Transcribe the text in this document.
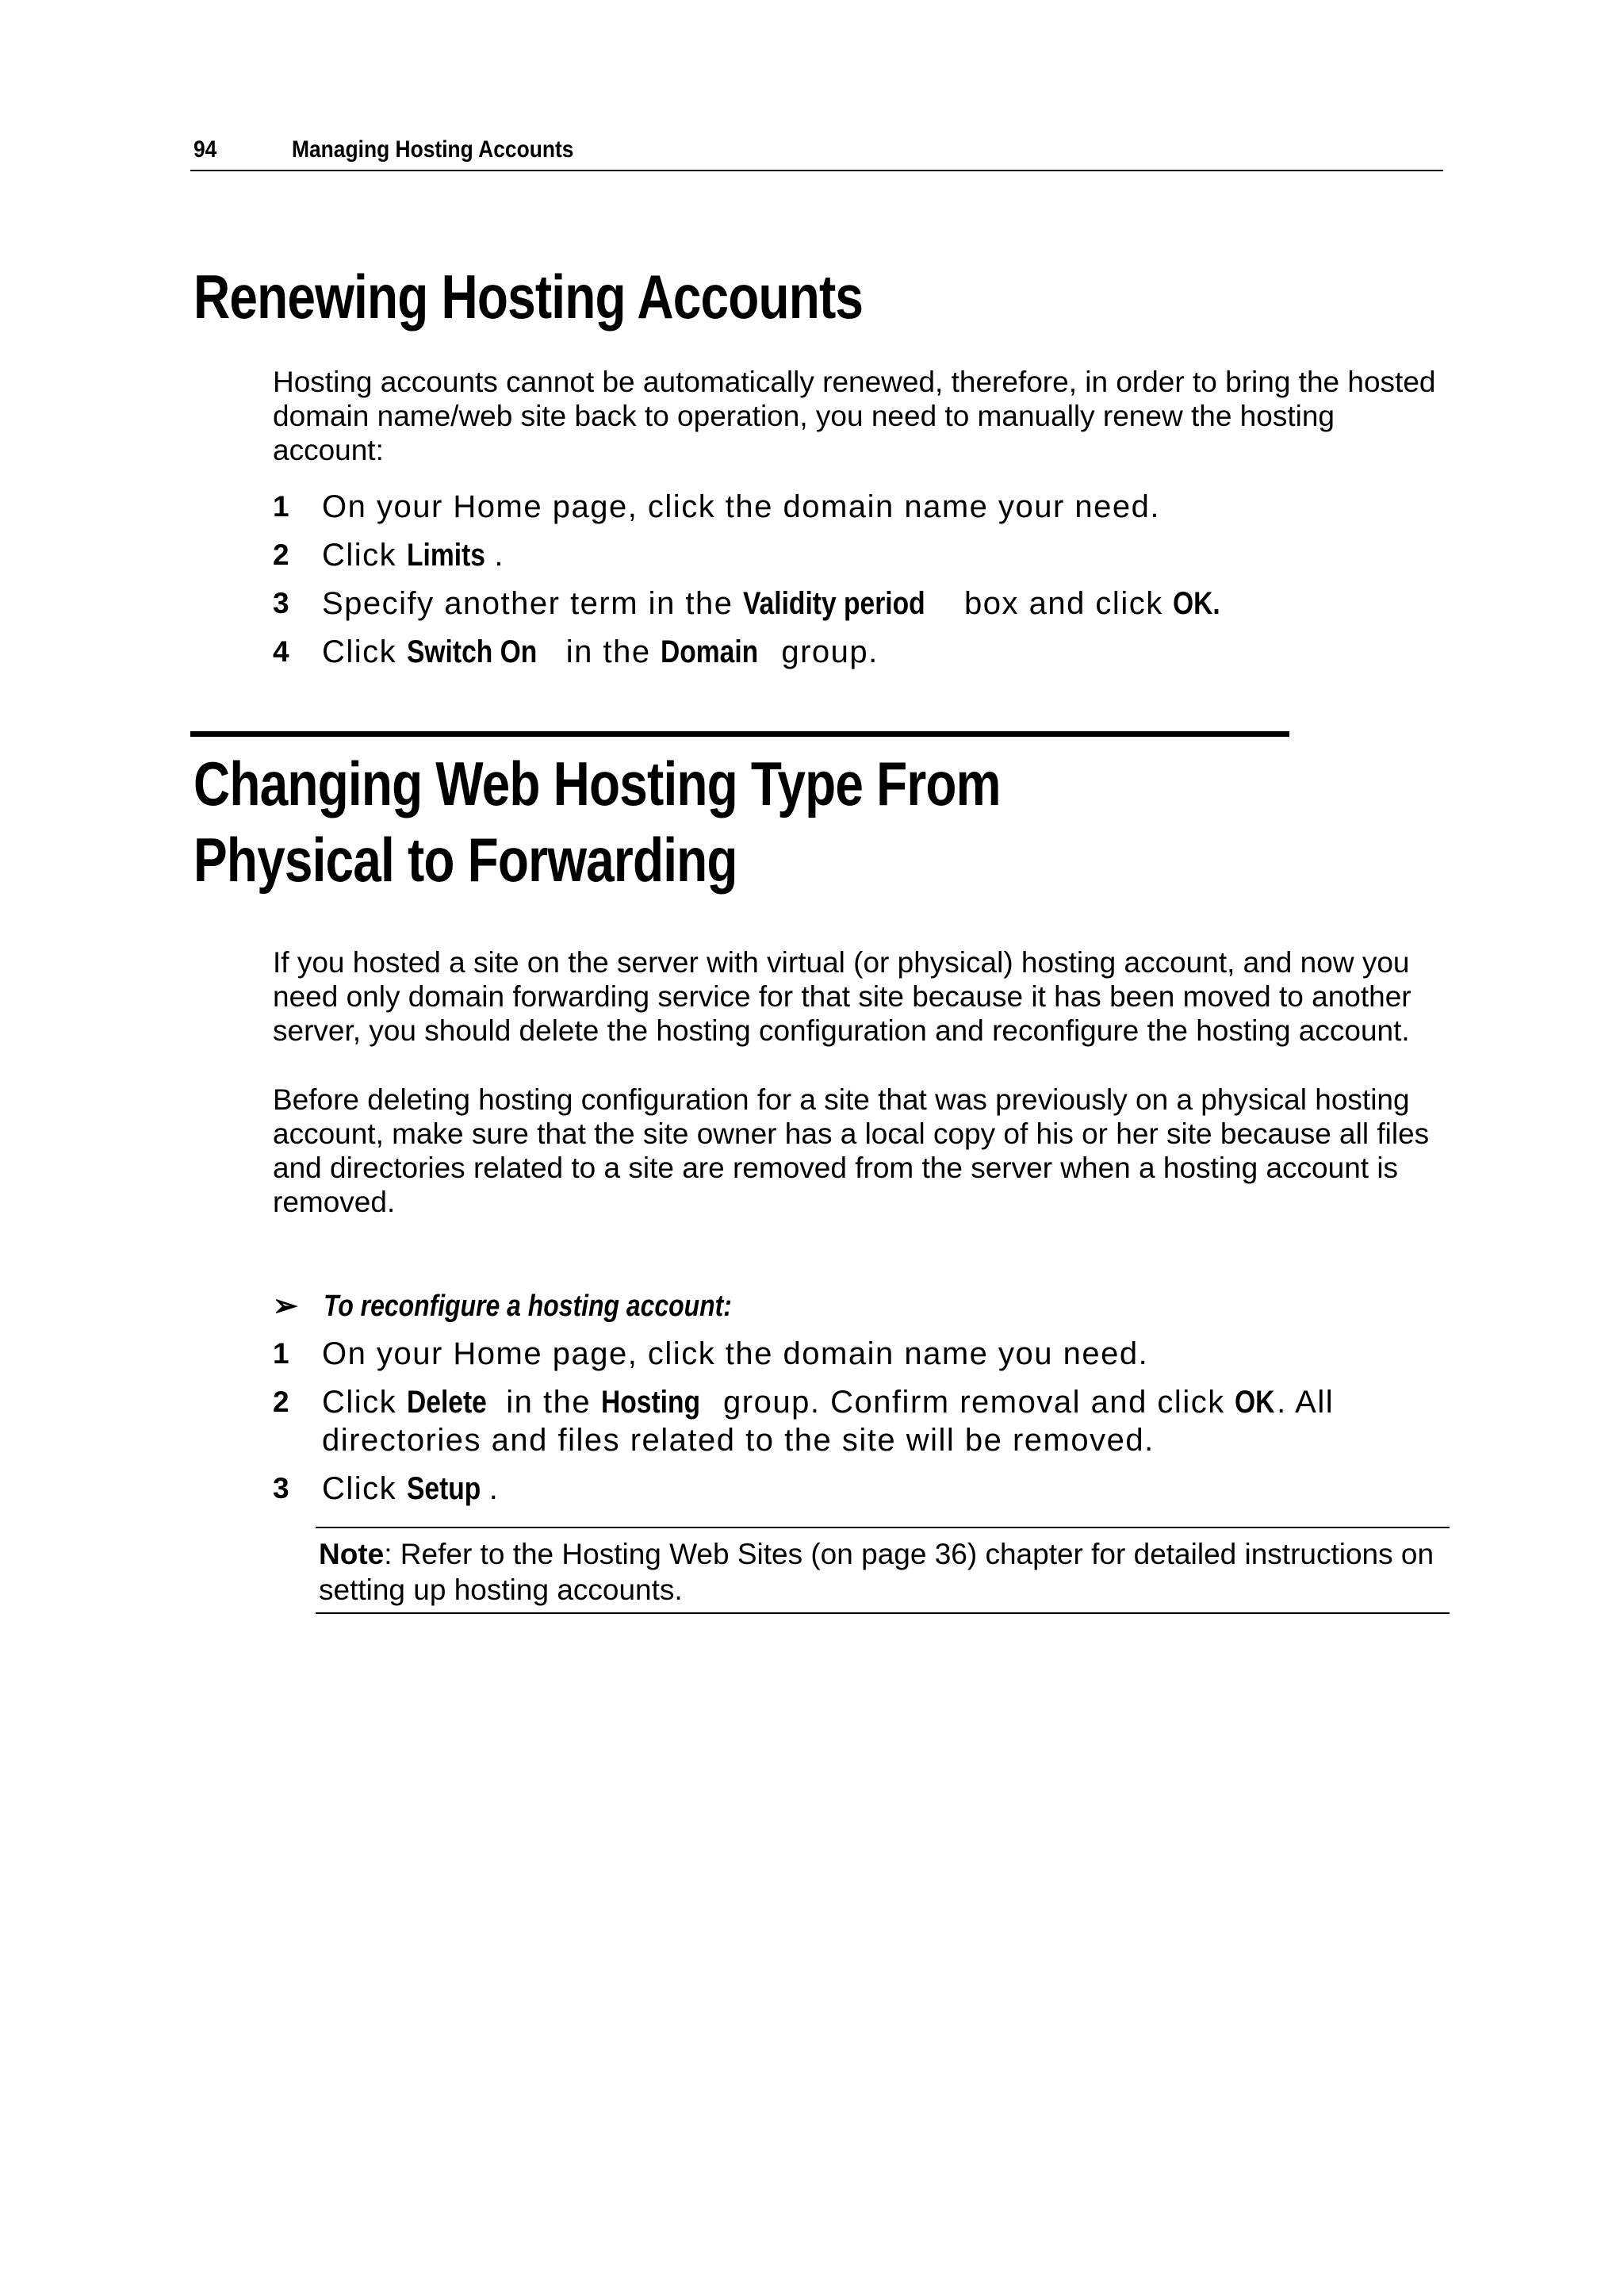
94	Managing Hosting Accounts
Renewing Hosting Accounts

Hosting accounts cannot be automatically renewed, therefore, in order to bring the hosted domain name/web site back to operation, you need to manually renew the hosting account:

1 On your Home page, click the domain name your need.
2 Click Limits .
3 Specify another term in the Validity period box and click OK.
4 Click Switch On in the Domain group.
Changing Web Hosting Type From
Physical to Forwarding

If you hosted a site on the server with virtual (or physical) hosting account, and now you need only domain forwarding service for that site because it has been moved to another server, you should delete the hosting configuration and reconfigure the hosting account.

Before deleting hosting configuration for a site that was previously on a physical hosting account, make sure that the site owner has a local copy of his or her site because all files and directories related to a site are removed from the server when a hosting account is removed.

➢ To reconfigure a hosting account:
1 On your Home page, click the domain name you need.
2 Click Delete in the Hosting group. Confirm removal and click OK. All directories and files related to the site will be removed.
3 Click Setup .
Note: Refer to the Hosting Web Sites (on page 36) chapter for detailed instructions on setting up hosting accounts.
